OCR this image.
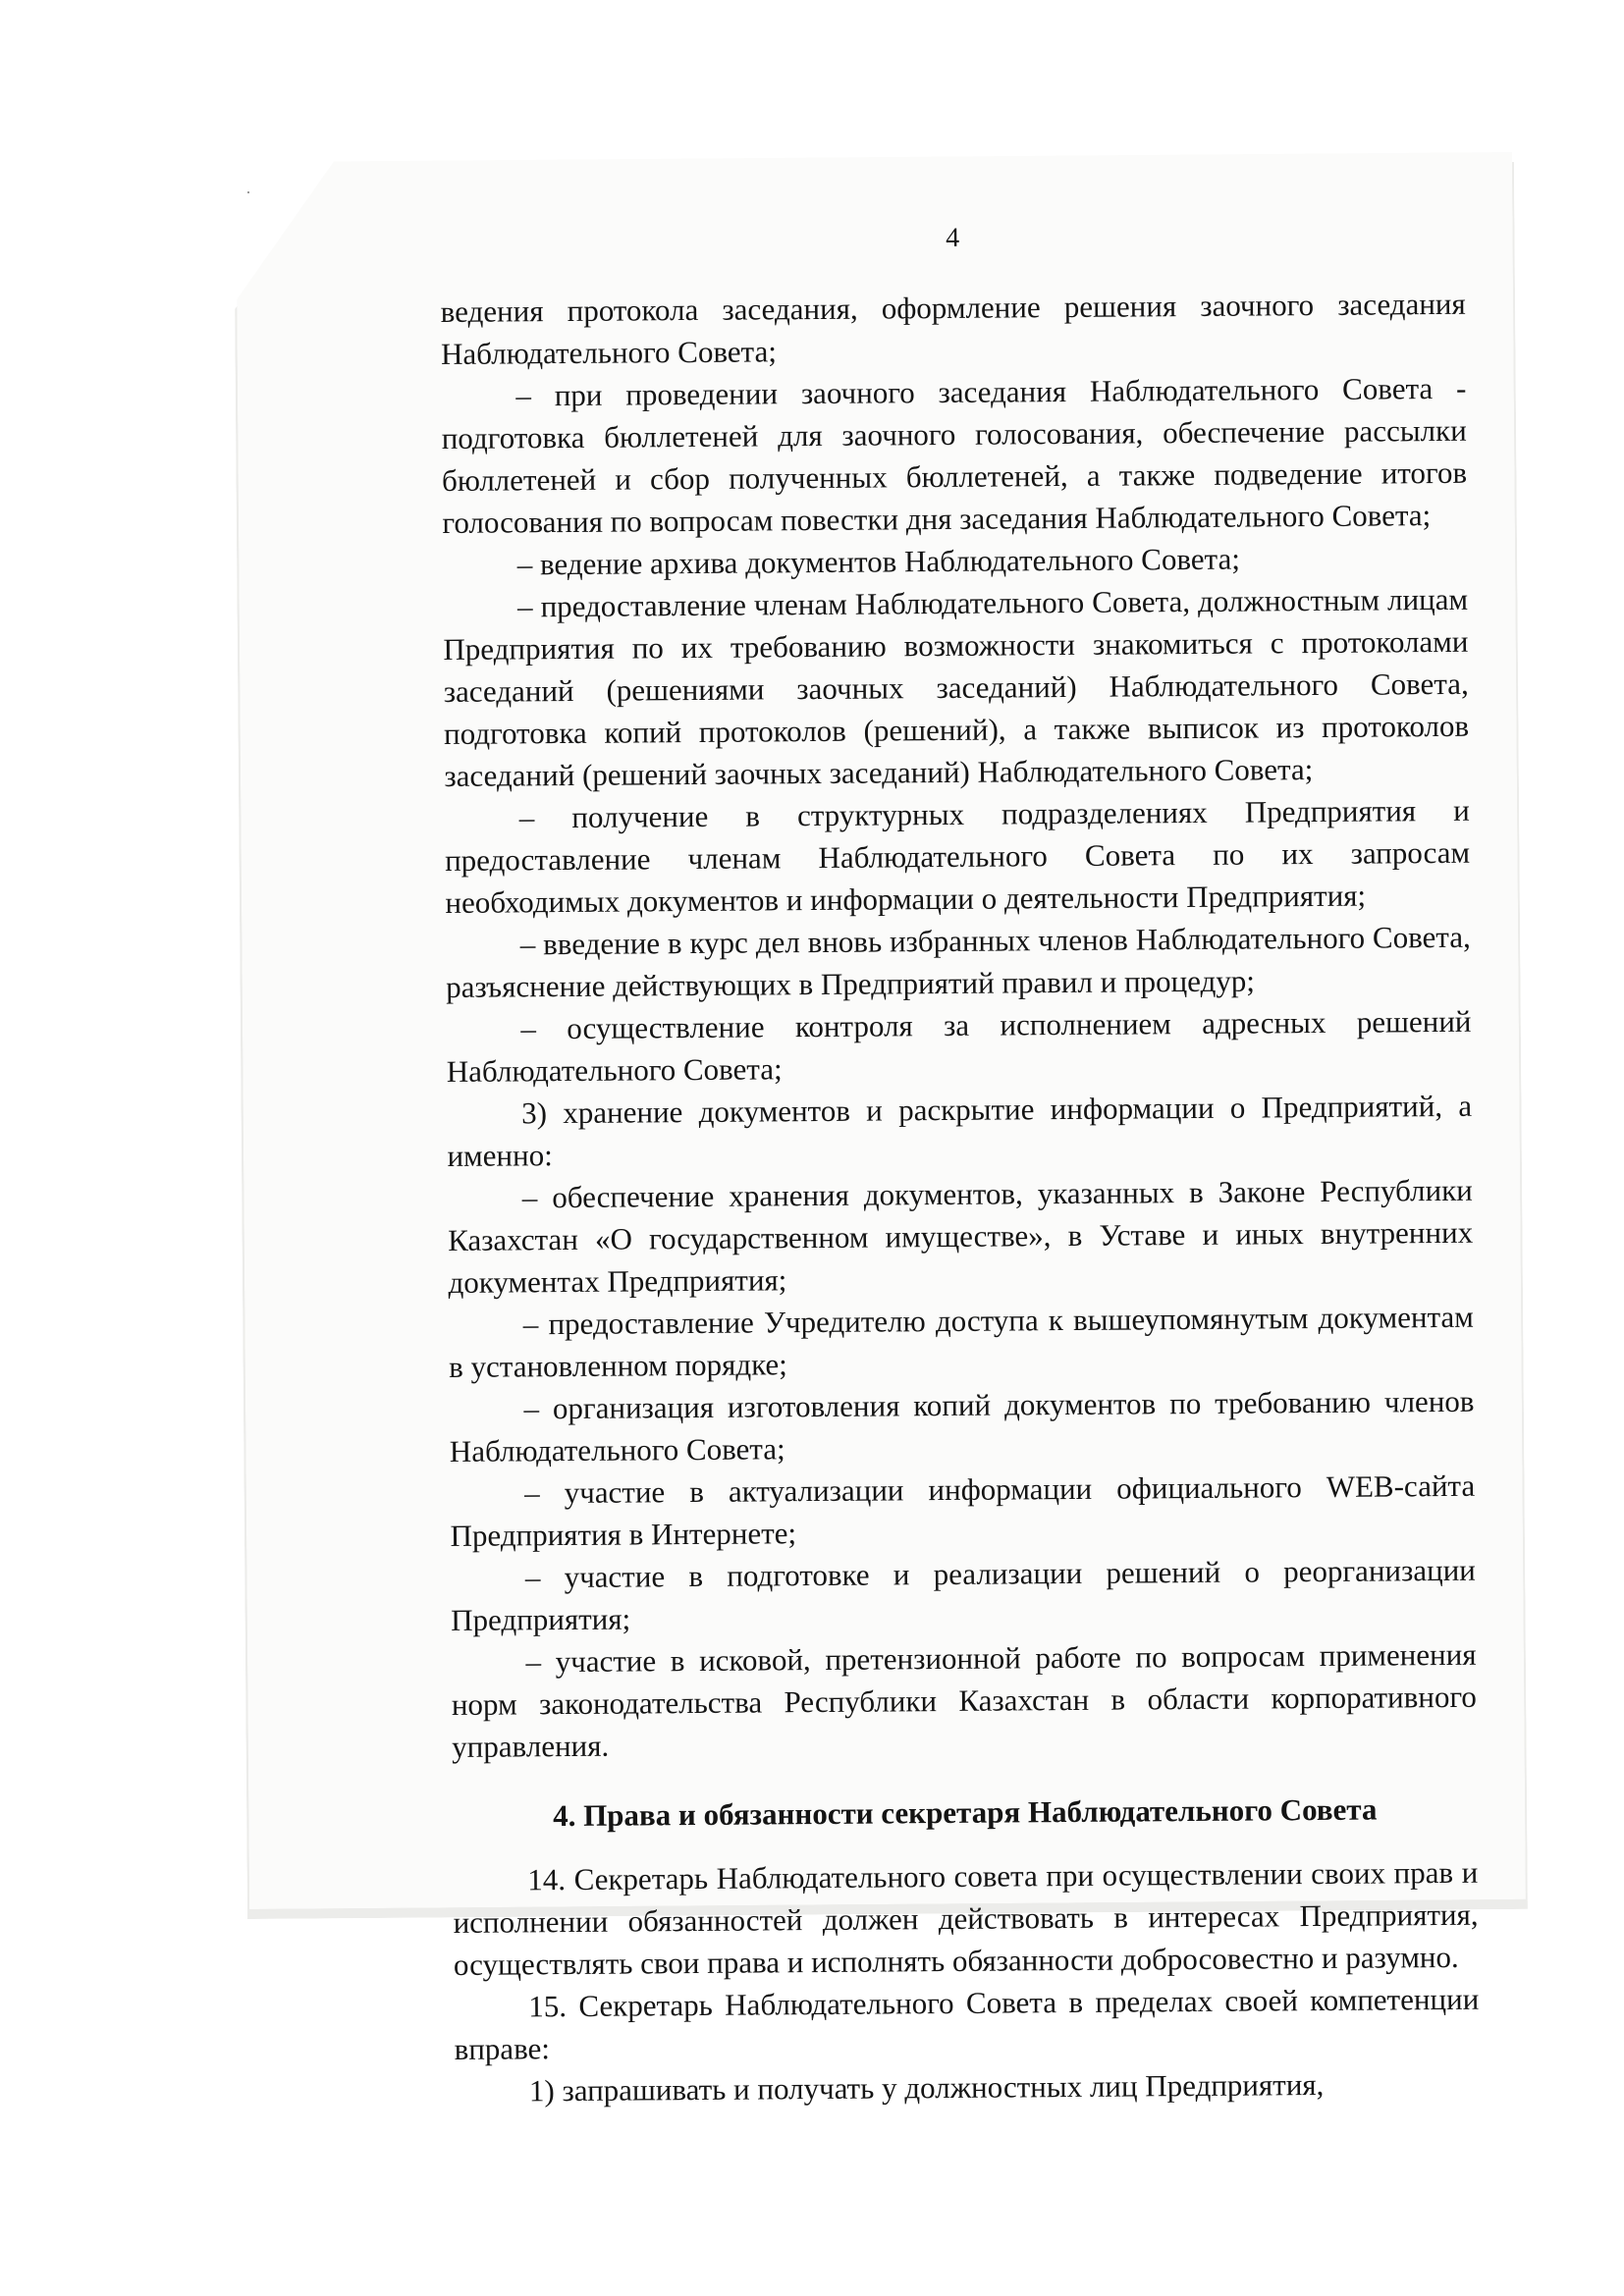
4

ведения протокола заседания, оформление решения заочного заседания Наблюдательного Совета;

– при проведении заочного заседания Наблюдательного Совета - подготовка бюллетеней для заочного голосования, обеспечение рассылки бюллетеней и сбор полученных бюллетеней, а также подведение итогов голосования по вопросам повестки дня заседания Наблюдательного Совета;

– ведение архива документов Наблюдательного Совета;

– предоставление членам Наблюдательного Совета, должностным лицам Предприятия по их требованию возможности знакомиться с протоколами заседаний (решениями заочных заседаний) Наблюдательного Совета, подготовка копий протоколов (решений), а также выписок из протоколов заседаний (решений заочных заседаний) Наблюдательного Совета;

– получение в структурных подразделениях Предприятия и предоставление членам Наблюдательного Совета по их запросам необходимых документов и информации о деятельности Предприятия;

– введение в курс дел вновь избранных членов Наблюдательного Совета, разъяснение действующих в Предприятий правил и процедур;

– осуществление контроля за исполнением адресных решений Наблюдательного Совета;

3) хранение документов и раскрытие информации о Предприятий, а именно:

– обеспечение хранения документов, указанных в Законе Республики Казахстан «О государственном имуществе», в Уставе и иных внутренних документах Предприятия;

– предоставление Учредителю доступа к вышеупомянутым документам в установленном порядке;

– организация изготовления копий документов по требованию членов Наблюдательного Совета;

– участие в актуализации информации официального WEB-сайта Предприятия в Интернете;

– участие в подготовке и реализации решений о реорганизации Предприятия;

– участие в исковой, претензионной работе по вопросам применения норм законодательства Республики Казахстан в области корпоративного управления.

4. Права и обязанности секретаря Наблюдательного Совета

14. Секретарь Наблюдательного совета при осуществлении своих прав и исполнении обязанностей должен действовать в интересах Предприятия, осуществлять свои права и исполнять обязанности добросовестно и разумно.

15. Секретарь Наблюдательного Совета в пределах своей компетенции вправе:

1) запрашивать и получать у должностных лиц Предприятия,
